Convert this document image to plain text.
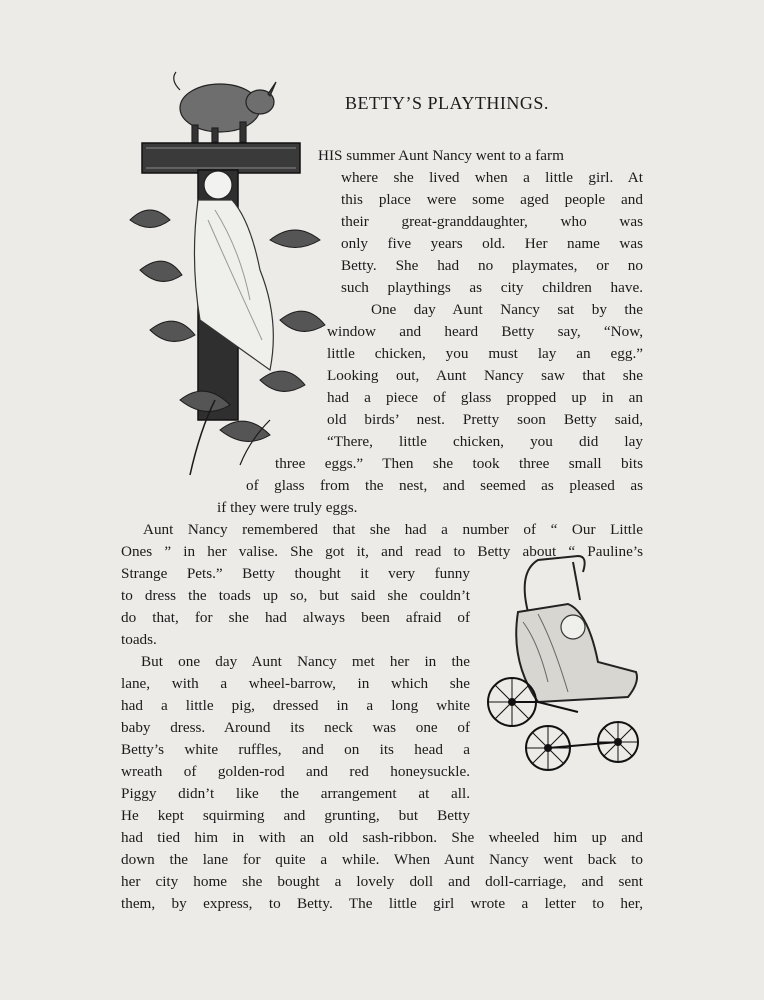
BETTY’S PLAYTHINGS.
HIS summer Aunt Nancy went to a farm
where she lived when a little girl. At
this place were some aged people and
their great-granddaughter, who was
only five years old. Her name was
Betty. She had no playmates, or no
such playthings as city children have.
One day Aunt Nancy sat by the
window and heard Betty say, “Now,
little chicken, you must lay an egg.”
Looking out, Aunt Nancy saw that she
had a piece of glass propped up in an
old birds’ nest. Pretty soon Betty said,
“There, little chicken, you did lay
three eggs.” Then she took three small bits
of glass from the nest, and seemed as pleased as
if they were truly eggs.
Aunt Nancy remembered that she had a number of “ Our Little
Ones ” in her valise. She got it, and read to Betty about “ Pauline’s
Strange Pets.” Betty thought it very funny
to dress the toads up so, but said she couldn’t
do that, for she had always been afraid of
toads.
But one day Aunt Nancy met her in the
lane, with a wheel-barrow, in which she
had a little pig, dressed in a long white
baby dress. Around its neck was one of
Betty’s white ruffles, and on its head a
wreath of golden-rod and red honeysuckle.
Piggy didn’t like the arrangement at all.
He kept squirming and grunting, but Betty
had tied him in with an old sash-ribbon. She wheeled him up and
down the lane for quite a while. When Aunt Nancy went back to
her city home she bought a lovely doll and doll-carriage, and sent
them, by express, to Betty. The little girl wrote a letter to her,
